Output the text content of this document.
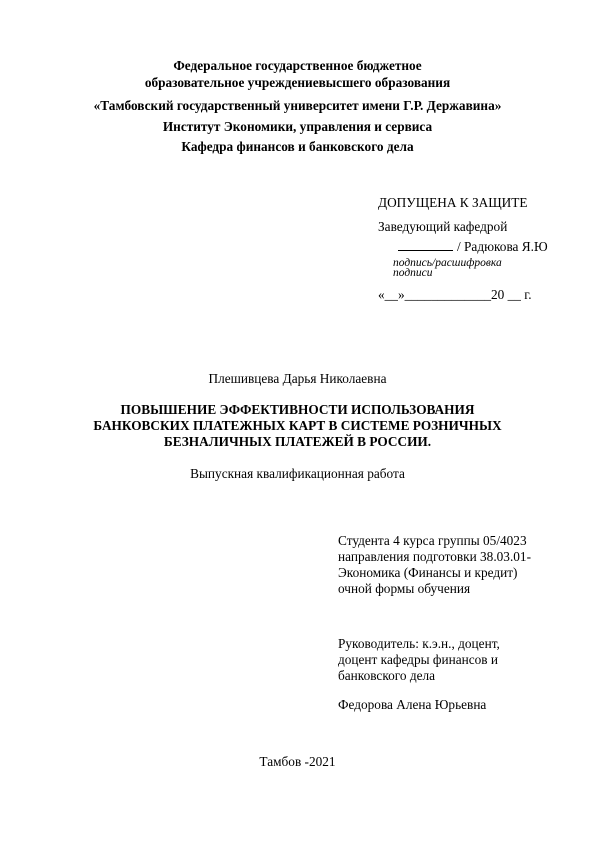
Федеральное государственное бюджетное
образовательное учреждениевысшего образования
«Тамбовский государственный университет имени Г.Р. Державина»
Институт Экономики, управления и сервиса
Кафедра финансов и банковского дела
ДОПУЩЕНА К ЗАЩИТЕ
Заведующий кафедрой
/ Радюкова Я.Ю
подпись/расшифровка
подписи
«__»_____________20 __ г.
Плешивцева Дарья Николаевна
ПОВЫШЕНИЕ ЭФФЕКТИВНОСТИ ИСПОЛЬЗОВАНИЯ
БАНКОВСКИХ ПЛАТЕЖНЫХ КАРТ В СИСТЕМЕ РОЗНИЧНЫХ
БЕЗНАЛИЧНЫХ ПЛАТЕЖЕЙ В РОССИИ.
Выпускная квалификационная работа

Студента 4 курса группы 05/4023 направления подготовки 38.03.01- Экономика (Финансы и кредит) очной формы обучения

Руководитель: к.э.н., доцент, доцент кафедры финансов и банковского дела

Федорова Алена Юрьевна

Тамбов -2021
